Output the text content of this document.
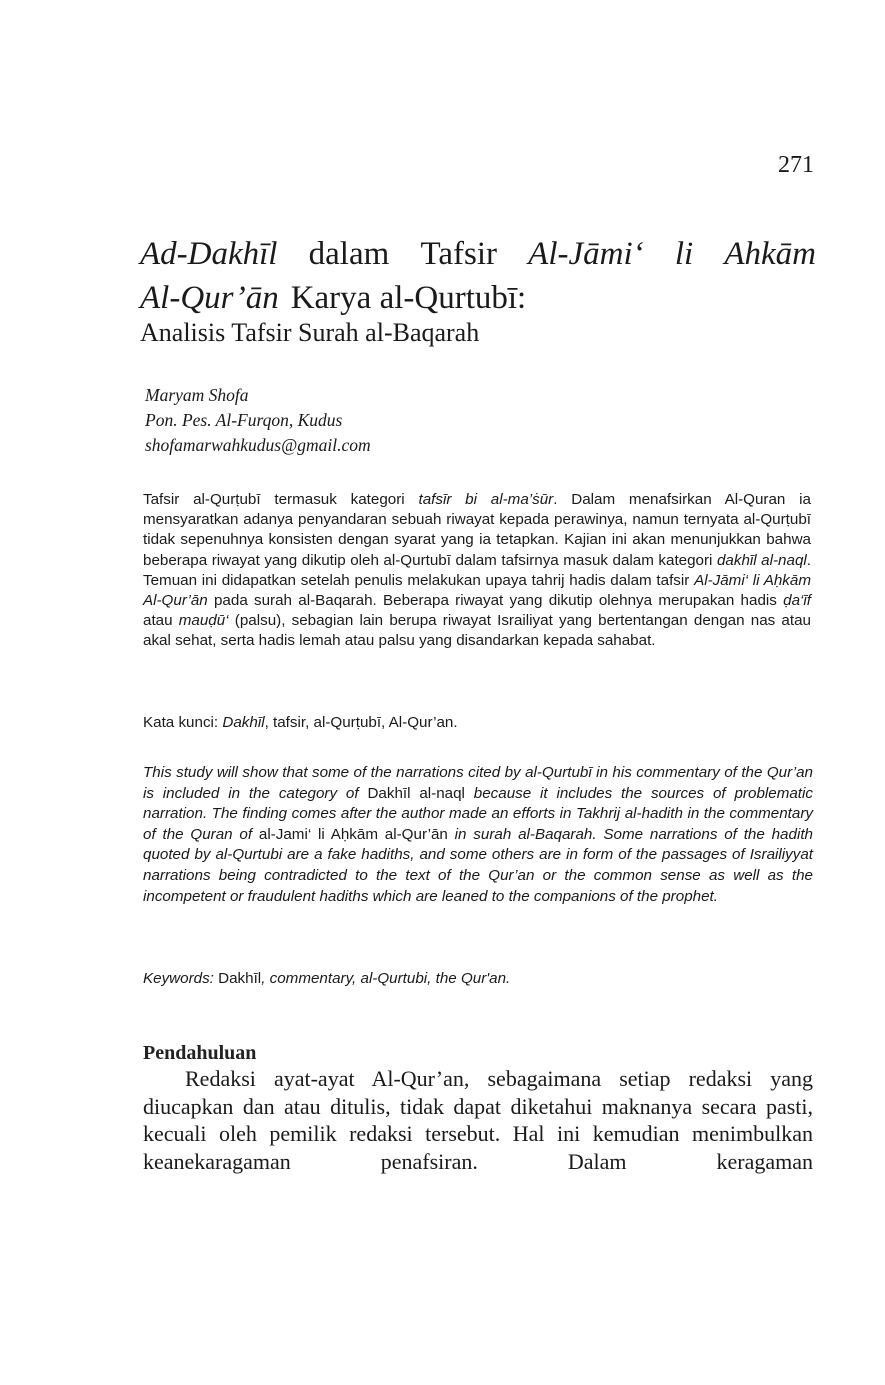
271
Ad-Dakhīl dalam Tafsir Al-Jāmi‘ li Ahkām
Al-Qur’ān Karya al-Qurtubī:
Analisis Tafsir Surah al-Baqarah
Maryam Shofa
Pon. Pes. Al-Furqon, Kudus
shofamarwahkudus@gmail.com

Tafsir al-Qurṭubī termasuk kategori tafsīr bi al-ma’ṡūr. Dalam menafsirkan Al-Quran ia mensyaratkan adanya penyandaran sebuah riwayat kepada perawinya, namun ternyata al-Qurṭubī tidak sepenuhnya konsisten dengan syarat yang ia tetapkan. Kajian ini akan menunjukkan bahwa beberapa riwayat yang dikutip oleh al-Qurtubī dalam tafsirnya masuk dalam kategori dakhīl al-naql. Temuan ini didapatkan setelah penulis melakukan upaya tahrij hadis dalam tafsir Al-Jāmi‘ li Aḥkām Al-Qur’ān pada surah al-Baqarah. Beberapa riwayat yang dikutip olehnya merupakan hadis ḍa‘īf atau mauḍū‘ (palsu), sebagian lain berupa riwayat Israiliyat yang bertentangan dengan nas atau akal sehat, serta hadis lemah atau palsu yang disandarkan kepada sahabat.

Kata kunci: Dakhīl, tafsir, al-Qurṭubī, Al-Qur’an.

This study will show that some of the narrations cited by al-Qurtubī in his commentary of the Qur’an is included in the category of Dakhīl al-naql because it includes the sources of problematic narration. The finding comes after the author made an efforts in Takhrij al-hadith in the commentary of the Quran of al-Jami‘ li Aḥkām al-Qur’ān in surah al-Baqarah. Some narrations of the hadith quoted by al-Qurtubi are a fake hadiths, and some others are in form of the passages of Israiliyyat narrations being contradicted to the text of the Qur’an or the common sense as well as the incompetent or fraudulent hadiths which are leaned to the companions of the prophet.

Keywords: Dakhīl, commentary, al-Qurtubi, the Qur'an.

Pendahuluan

Redaksi ayat-ayat Al-Qur’an, sebagaimana setiap redaksi yang diucapkan dan atau ditulis, tidak dapat diketahui maknanya secara pasti, kecuali oleh pemilik redaksi tersebut. Hal ini kemudian menimbulkan keanekaragaman penafsiran. Dalam keragaman
